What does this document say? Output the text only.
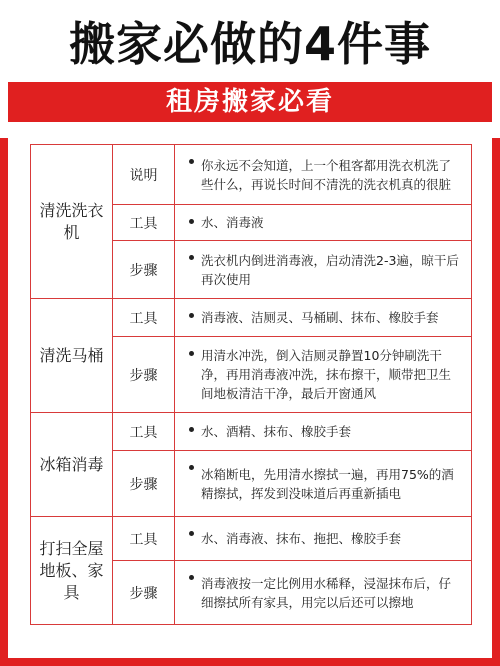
搬家必做的4件事
租房搬家必看
清洗洗衣机	说明	你永远不会知道，上一个租客都用洗衣机洗了些什么，再说长时间不清洗的洗衣机真的很脏
	工具	水、消毒液
	步骤	洗衣机内倒进消毒液，启动清洗2-3遍，晾干后再次使用
清洗马桶	工具	消毒液、洁厕灵、马桶刷、抹布、橡胶手套
	步骤	用清水冲洗，倒入洁厕灵静置10分钟刷洗干净，再用消毒液冲洗，抹布擦干，顺带把卫生间地板清洁干净，最后开窗通风
冰箱消毒	工具	水、酒精、抹布、橡胶手套
	步骤	冰箱断电，先用清水擦拭一遍，再用75%的酒精擦拭，挥发到没味道后再重新插电
打扫全屋地板、家具	工具	水、消毒液、抹布、拖把、橡胶手套
	步骤	消毒液按一定比例用水稀释，浸湿抹布后，仔细擦拭所有家具，用完以后还可以擦地
